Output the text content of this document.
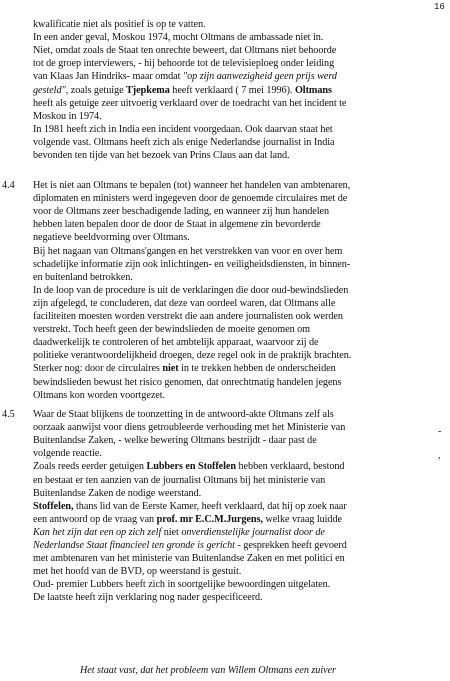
16
kwalificatie niet als positief is op te vatten.
In een ander geval, Moskou 1974, mocht Oltmans de ambassade niet in.
Niet, omdat zoals de Staat ten onrechte beweert, dat Oltmans niet behoorde
tot de groep interviewers, - hij behoorde tot de televisieploeg onder leiding
van Klaas Jan Hindriks- maar omdat "op zijn aanwezigheid geen prijs werd
gesteld", zoals getuige Tjepkema heeft verklaard ( 7 mei 1996). Oltmans
heeft als getuige zeer uitvoerig verklaard over de toedracht van het incident te
Moskou in 1974.
In 1981 heeft zich in India een incident voorgedaan. Ook daarvan staat het
volgende vast. Oltmans heeft zich als enige Nederlandse journalist in India
bevonden ten tijde van het bezoek van Prins Claus aan dat land.
4.4 Het is niet aan Oltmans te bepalen (tot) wanneer het handelen van ambtenaren,
diplomaten en ministers werd ingegeven door de genoemde circulaires met de
voor de Oltmans zeer beschadigende lading, en wanneer zij hun handelen
hebben laten bepalen door de door de Staat in algemene zin bevorderde
negatieve beeldvorming over Oltmans.
Bij het nagaan van Oltmans'gangen en het verstrekken van voor en over hem
schadelijke informatie zijn ook inlichtingen- en veiligheidsdiensten, in binnen-
en buitenland betrokken.
In de loop van de procedure is uit de verklaringen die door oud-bewindslieden
zijn afgelegd, te concluderen, dat deze van oordeel waren, dat Oltmans alle
faciliteiten moesten worden verstrekt die aan andere journalisten ook werden
verstrekt. Toch heeft geen der bewindslieden de moeite genomen om
daadwerkelijk te controleren of het ambtelijk apparaat, waarvoor zij de
politieke verantwoordelijkheid droegen, deze regel ook in de praktijk brachten.
Sterker nog: door de circulaires niet in te trekken hebben de onderscheiden
bewindslieden bewust het risico genomen, dat onrechtmatig handelen jegens
Oltmans kon worden voortgezet.
4.5 Waar de Staat blijkens de toonzetting in de antwoord-akte Oltmans zelf als
oorzaak aanwijst voor diens getroubleerde verhouding met het Ministerie van
Buitenlandse Zaken, - welke bewering Oltmans bestrijdt - daar past de
volgende reactie.
Zoals reeds eerder getuigen Lubbers en Stoffelen hebben verklaard, bestond
en bestaat er ten aanzien van de journalist Oltmans bij het ministerie van
Buitenlandse Zaken de nodige weerstand.
Stoffelen, thans lid van de Eerste Kamer, heeft verklaard, dat hij op zoek naar
een antwoord op de vraag van prof. mr E.C.M.Jurgens, welke vraag luidde
Kan het zijn dat een op zich zelf niet onverdienstelijke journalist door de
Nederlandse Staat financieel ten gronde is gericht - gesprekken heeft gevoerd
met ambtenaren van het ministerie van Buitenlandse Zaken en met politici en
met het hoofd van de BVD, op weerstand is gestuit.
Oud- premier Lubbers heeft zich in soortgelijke bewoordingen uitgelaten.
De laatste heeft zijn verklaring nog nader gespecificeerd.
-
,
Het staat vast, dat het probleem van Willem Oltmans een zuiver
